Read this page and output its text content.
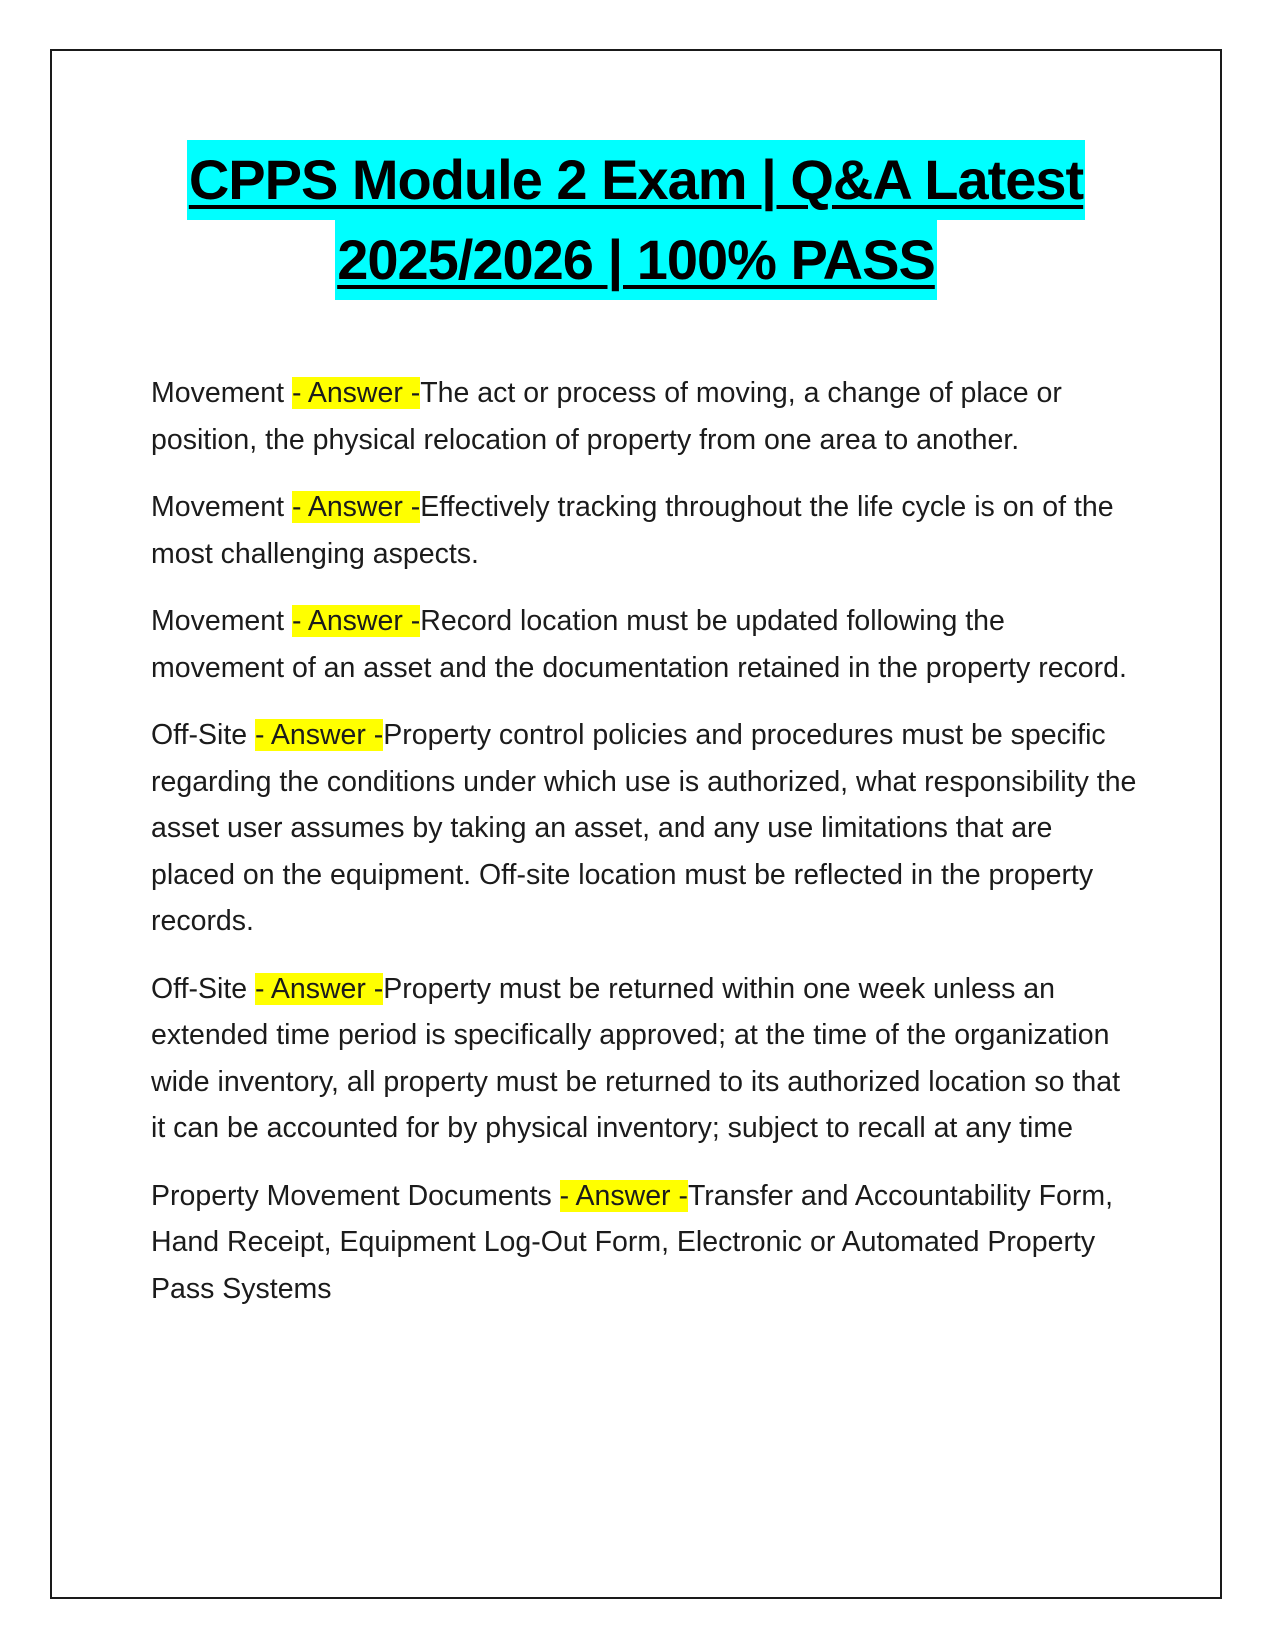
CPPS Module 2 Exam | Q&A Latest
2025/2026 | 100% PASS

Movement - Answer -The act or process of moving, a change of place or position, the physical relocation of property from one area to another.

Movement - Answer -Effectively tracking throughout the life cycle is on of the most challenging aspects.

Movement - Answer -Record location must be updated following the movement of an asset and the documentation retained in the property record.

Off-Site - Answer -Property control policies and procedures must be specific regarding the conditions under which use is authorized, what responsibility the asset user assumes by taking an asset, and any use limitations that are placed on the equipment. Off-site location must be reflected in the property records.

Off-Site - Answer -Property must be returned within one week unless an extended time period is specifically approved; at the time of the organization wide inventory, all property must be returned to its authorized location so that it can be accounted for by physical inventory; subject to recall at any time

Property Movement Documents - Answer -Transfer and Accountability Form, Hand Receipt, Equipment Log-Out Form, Electronic or Automated Property Pass Systems
